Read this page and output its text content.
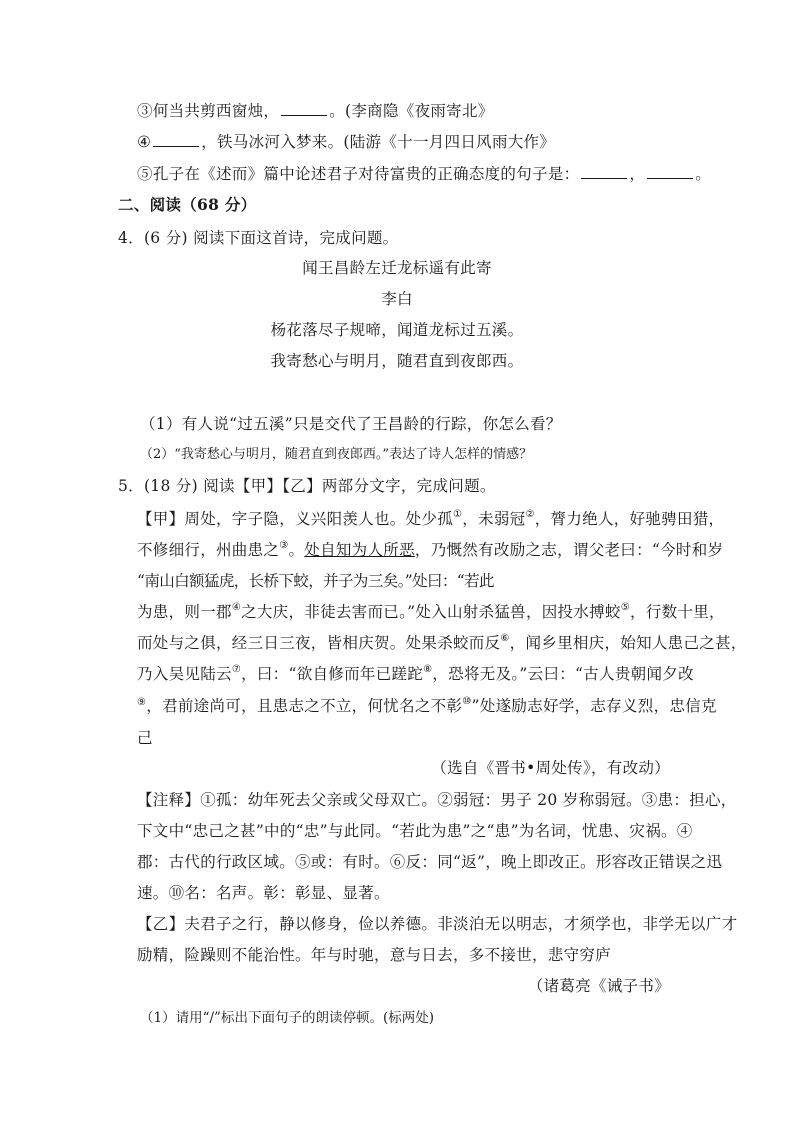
③何当共剪西窗烛，	。(李商隐《夜雨寄北》
④	，铁马冰河入梦来。(陆游《十一月四日风雨大作》
⑤孔子在《述而》篇中论述君子对待富贵的正确态度的句子是：	，	。
二、阅读（68 分）
4．(6 分) 阅读下面这首诗，完成问题。
闻王昌龄左迁龙标遥有此寄
李白
杨花落尽子规啼，闻道龙标过五溪。
我寄愁心与明月，随君直到夜郎西。
（1）有人说“过五溪”只是交代了王昌龄的行踪，你怎么看？
（2）“我寄愁心与明月，随君直到夜郎西。”表达了诗人怎样的情感？
5．(18 分) 阅读【甲】【乙】两部分文字，完成问题。
【甲】周处，字子隐，义兴阳羡人也。处少孤①，未弱冠②，膂力绝人，好驰骋田猎，
不修细行，州曲患之③。处自知为人所恶，乃慨然有改励之志，谓父老曰：“今时和岁
“南山白额猛虎，长桥下蛟，并子为三矣。”处曰：“若此
为患，则一郡④之大庆，非徒去害而已。”处入山射杀猛兽，因投水搏蛟⑤，行数十里，
而处与之俱，经三日三夜，皆相庆贺。处果杀蛟而反⑥，闻乡里相庆，始知人患己之甚，
乃入吴见陆云⑦，曰：“欲自修而年已蹉跎⑧，恐将无及。”云曰：“古人贵朝闻夕改
⑨，君前途尚可，且患志之不立，何忧名之不彰⑩”处遂励志好学，志存义烈，忠信克
己
（选自《晋书•周处传》，有改动）
【注释】①孤：幼年死去父亲或父母双亡。②弱冠：男子 20 岁称弱冠。③患：担心，
下文中“忠己之甚”中的“忠”与此同。“若此为患”之“患”为名词，忧患、灾祸。④
郡：古代的行政区域。⑤或：有时。⑥反：同“返”，晚上即改正。形容改正错误之迅
速。⑩名：名声。彰：彰显、显著。
【乙】夫君子之行，静以修身，俭以养德。非淡泊无以明志，才须学也，非学无以广才
励精，险躁则不能治性。年与时驰，意与日去，多不接世，悲守穷庐
（诸葛亮《诫子书》
（1）请用“/”标出下面句子的朗读停顿。(标两处)
